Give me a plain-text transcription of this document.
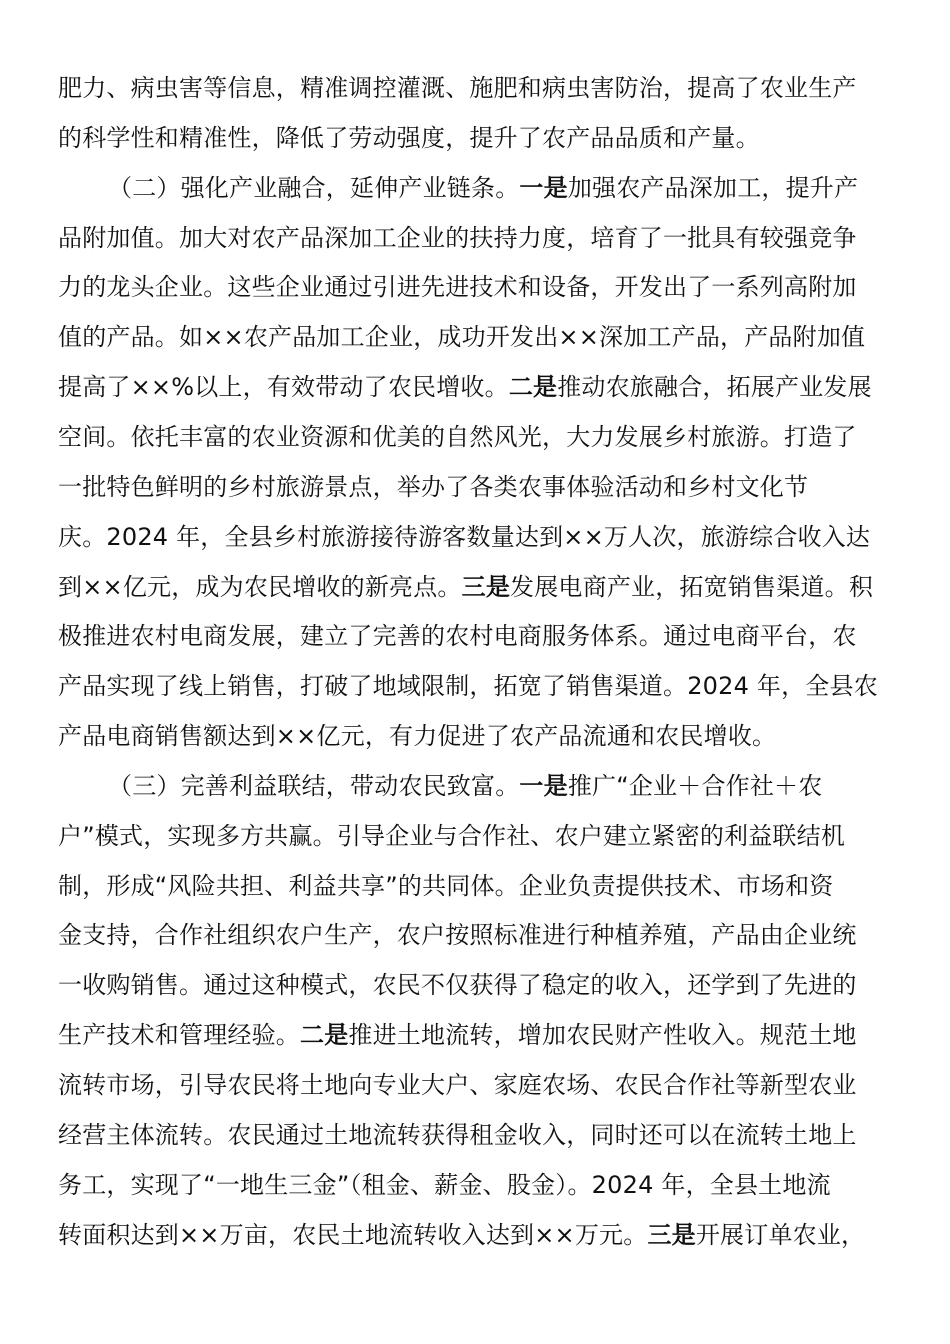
肥力、病虫害等信息，精准调控灌溉、施肥和病虫害防治，提高了农业生产
的科学性和精准性，降低了劳动强度，提升了农产品品质和产量。
（二）强化产业融合，延伸产业链条。一是加强农产品深加工，提升产
品附加值。加大对农产品深加工企业的扶持力度，培育了一批具有较强竞争
力的龙头企业。这些企业通过引进先进技术和设备，开发出了一系列高附加
值的产品。如××农产品加工企业，成功开发出××深加工产品，产品附加值
提高了××%以上，有效带动了农民增收。二是推动农旅融合，拓展产业发展
空间。依托丰富的农业资源和优美的自然风光，大力发展乡村旅游。打造了
一批特色鲜明的乡村旅游景点，举办了各类农事体验活动和乡村文化节
庆。2024 年，全县乡村旅游接待游客数量达到××万人次，旅游综合收入达
到××亿元，成为农民增收的新亮点。三是发展电商产业，拓宽销售渠道。积
极推进农村电商发展，建立了完善的农村电商服务体系。通过电商平台，农
产品实现了线上销售，打破了地域限制，拓宽了销售渠道。2024 年，全县农
产品电商销售额达到××亿元，有力促进了农产品流通和农民增收。
（三）完善利益联结，带动农民致富。一是推广“企业＋合作社＋农
户”模式，实现多方共赢。引导企业与合作社、农户建立紧密的利益联结机
制，形成“风险共担、利益共享”的共同体。企业负责提供技术、市场和资
金支持，合作社组织农户生产，农户按照标准进行种植养殖，产品由企业统
一收购销售。通过这种模式，农民不仅获得了稳定的收入，还学到了先进的
生产技术和管理经验。二是推进土地流转，增加农民财产性收入。规范土地
流转市场，引导农民将土地向专业大户、家庭农场、农民合作社等新型农业
经营主体流转。农民通过土地流转获得租金收入，同时还可以在流转土地上
务工，实现了“一地生三金”（租金、薪金、股金）。2024 年，全县土地流
转面积达到××万亩，农民土地流转收入达到××万元。三是开展订单农业，
